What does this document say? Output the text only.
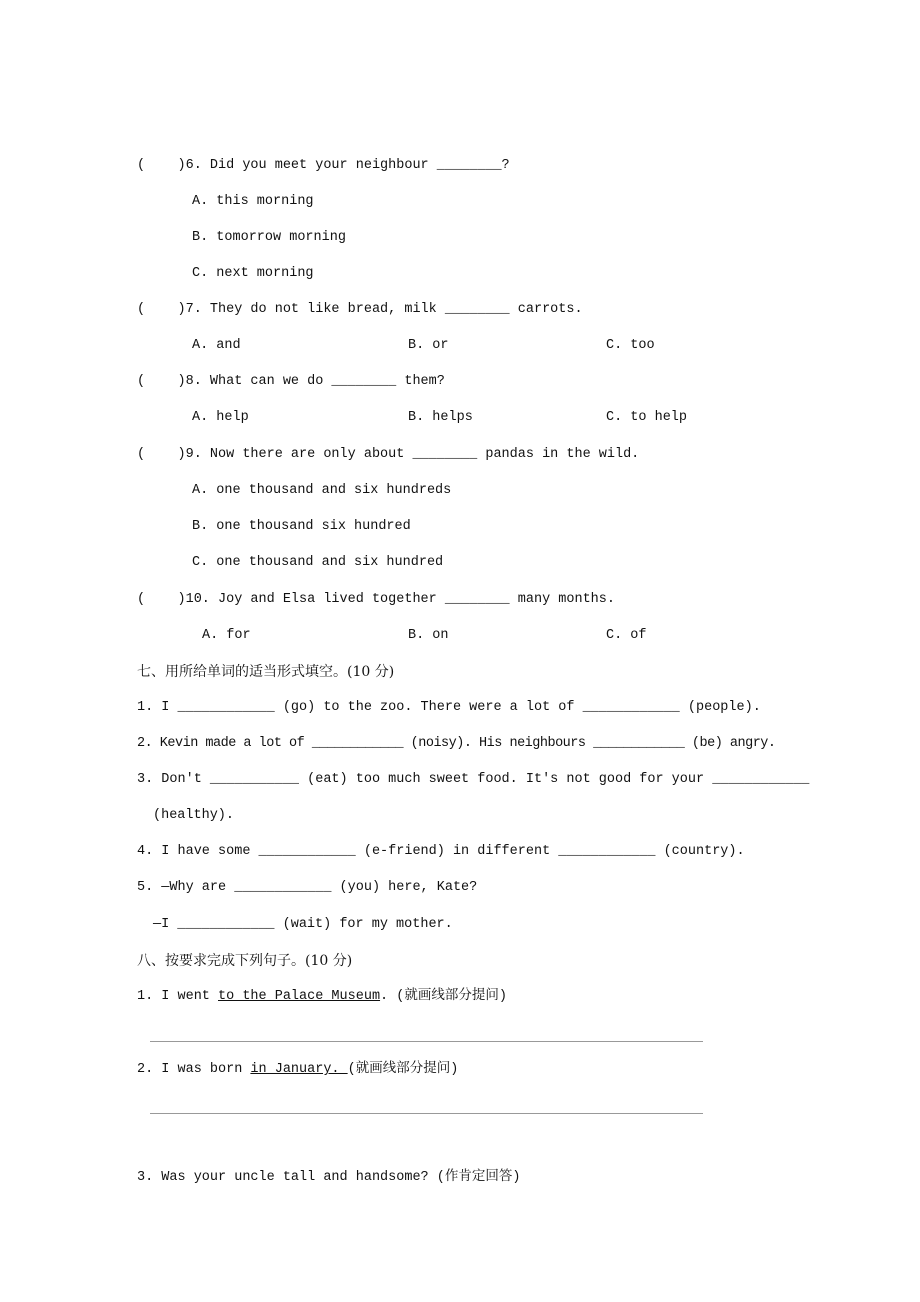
(    )6. Did you meet your neighbour ________?
A. this morning
B. tomorrow morning
C. next morning
(    )7. They do not like bread, milk ________ carrots.
A. and	B. or	C. too
(    )8. What can we do ________ them?
A. help	B. helps	C. to help
(    )9. Now there are only about ________ pandas in the wild.
A. one thousand and six hundreds
B. one thousand six hundred
C. one thousand and six hundred
(    )10. Joy and Elsa lived together ________ many months.
A. for	B. on	C. of
七、用所给单词的适当形式填空。(10 分)
1. I ____________ (go) to the zoo. There were a lot of ____________ (people).
2. Kevin made a lot of ____________ (noisy). His neighbours ____________ (be) angry.
3. Don't ___________ (eat) too much sweet food. It's not good for your ____________
(healthy).
4. I have some ____________ (e-friend) in different ____________ (country).
5. —Why are ____________ (you) here, Kate?
—I ____________ (wait) for my mother.
八、按要求完成下列句子。(10 分)
1. I went to the Palace Museum. (就画线部分提问)
2. I was born in January. (就画线部分提问)
3. Was your uncle tall and handsome? (作肯定回答)
